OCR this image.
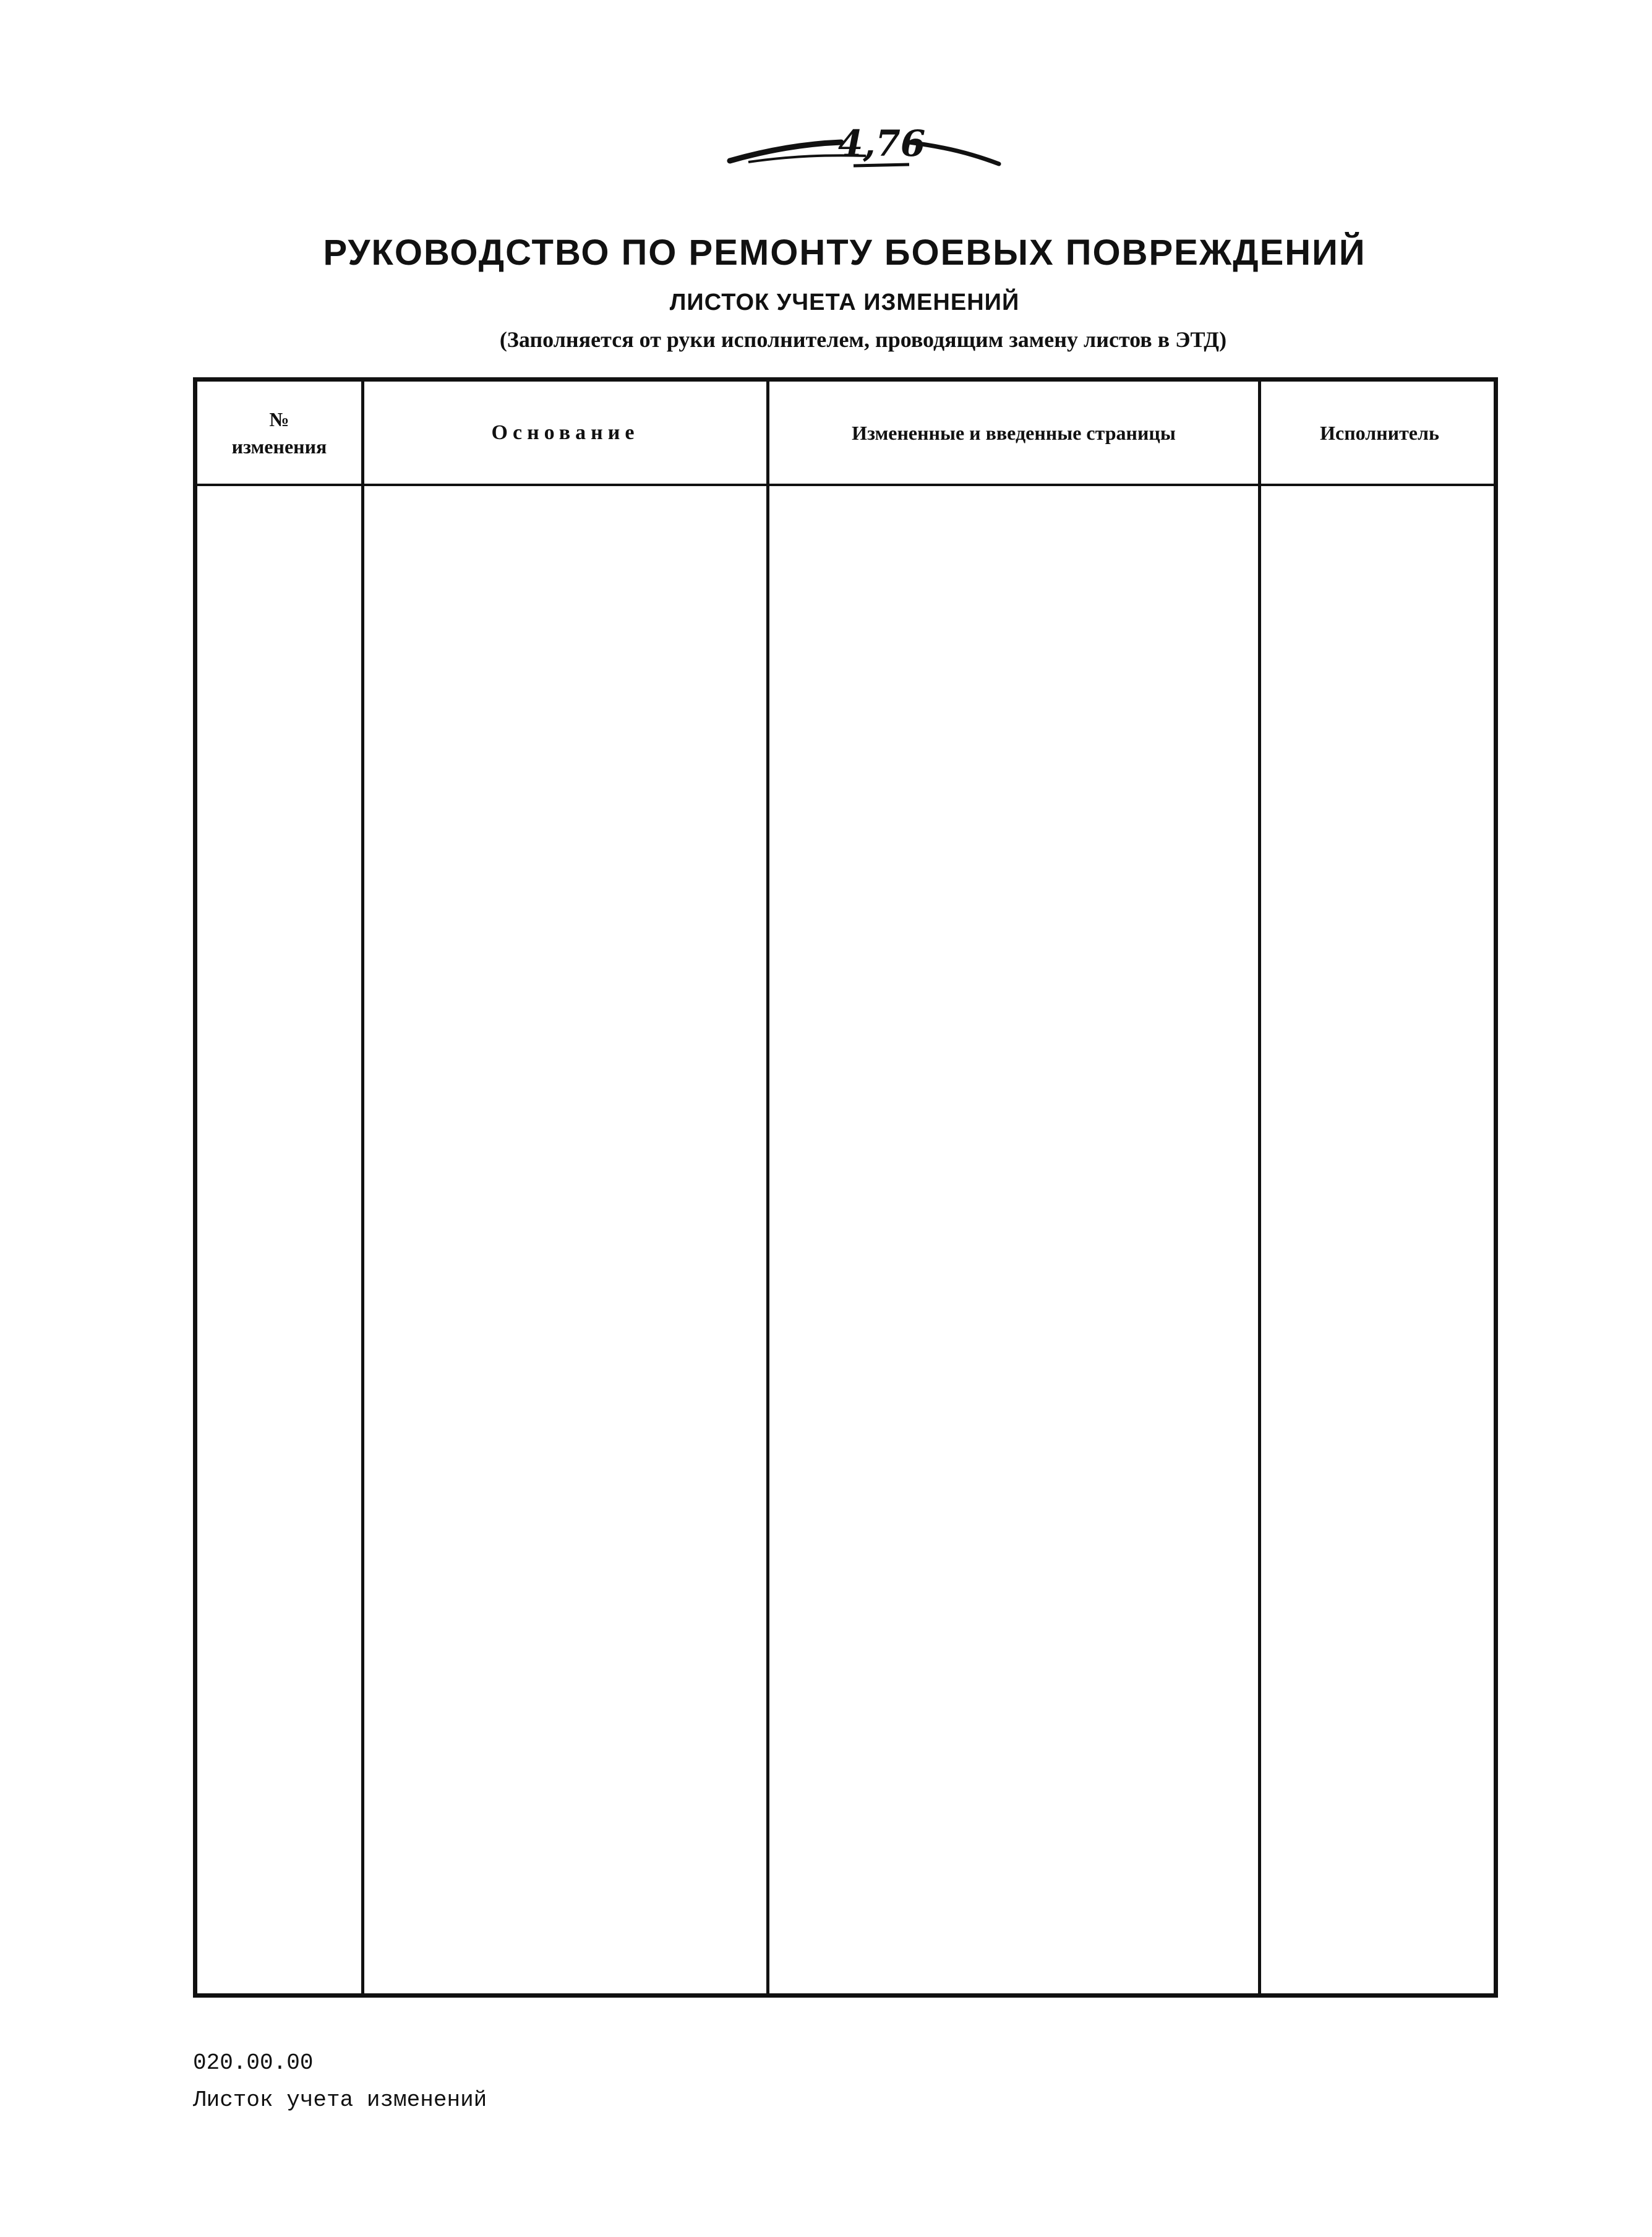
4,76
РУКОВОДСТВО ПО РЕМОНТУ БОЕВЫХ ПОВРЕЖДЕНИЙ
ЛИСТОК УЧЕТА ИЗМЕНЕНИЙ

(Заполняется от руки исполнителем, проводящим замену листов в ЭТД)

№
изменения
Основание	Измененные и введенные страницы	Исполнитель

020.00.00

Листок учета изменений
